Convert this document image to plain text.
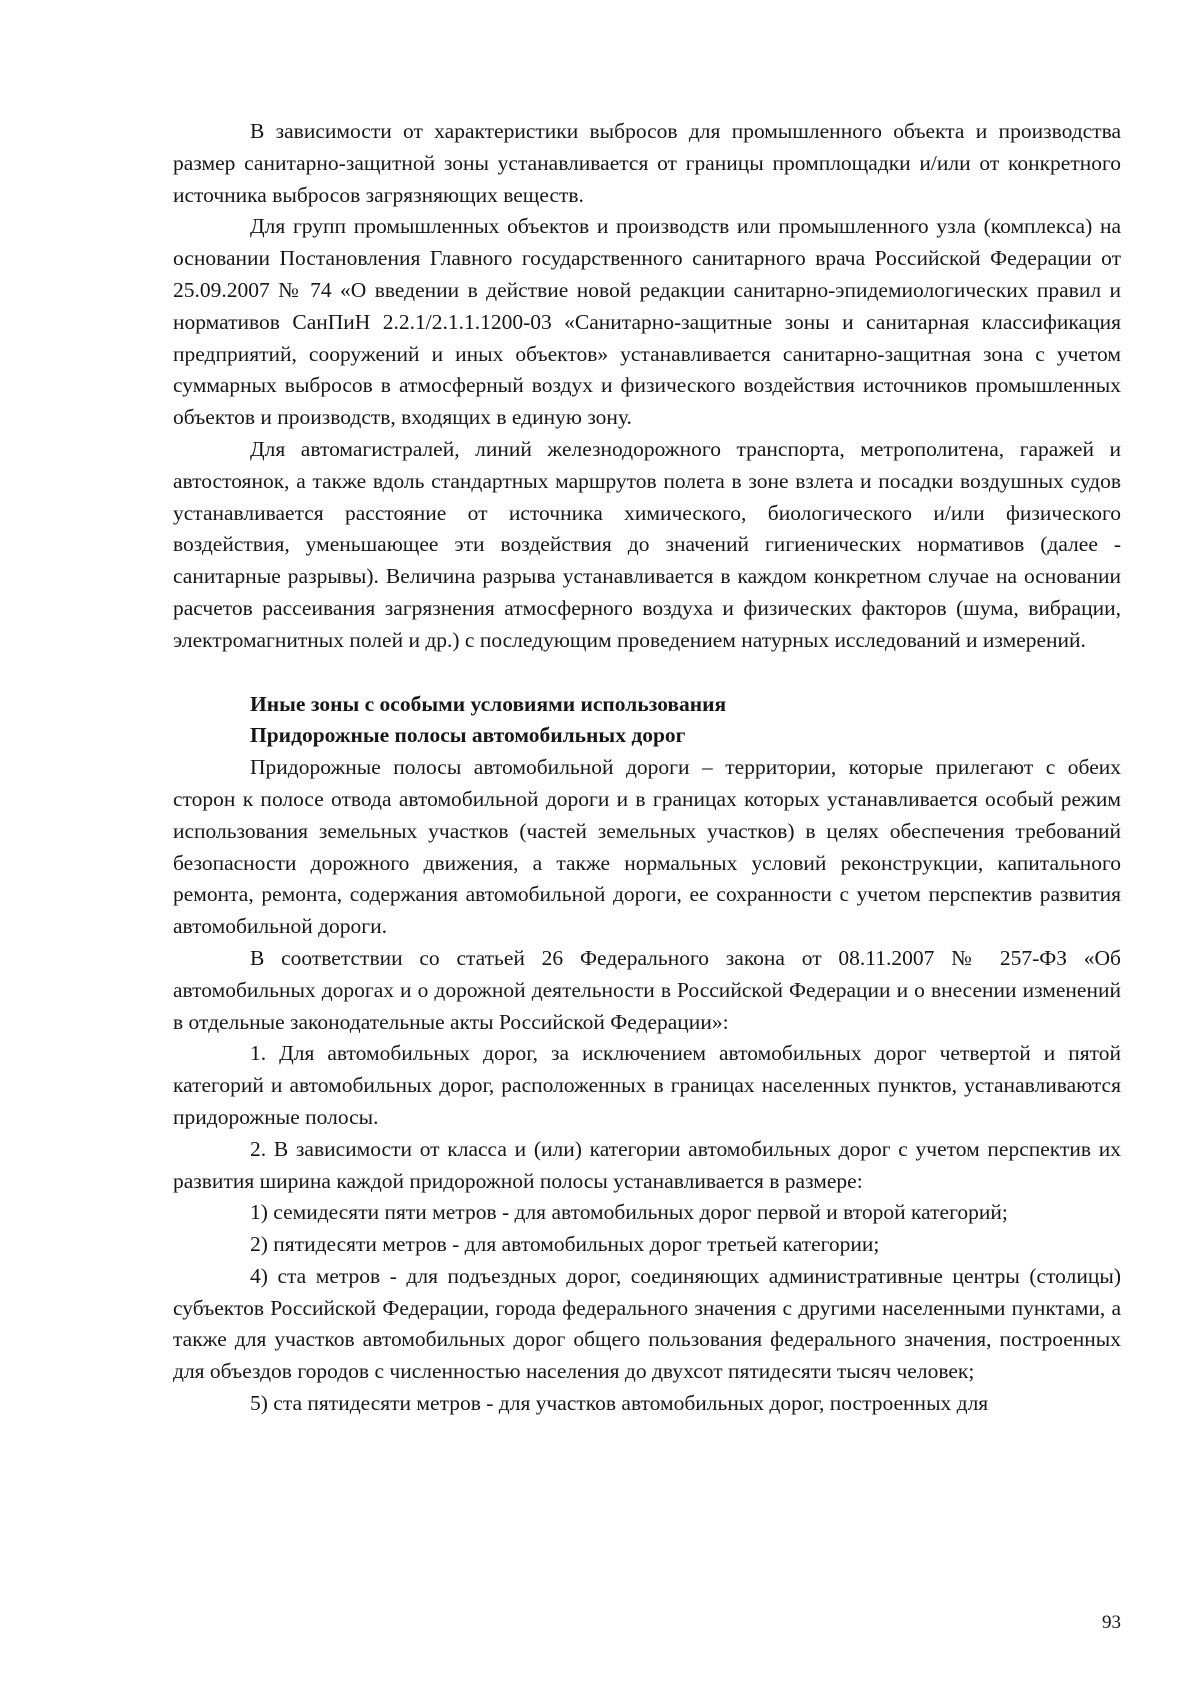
В зависимости от характеристики выбросов для промышленного объекта и производства размер санитарно-защитной зоны устанавливается от границы промплощадки и/или от конкретного источника выбросов загрязняющих веществ.

Для групп промышленных объектов и производств или промышленного узла (комплекса) на основании Постановления Главного государственного санитарного врача Российской Федерации от 25.09.2007 № 74 «О введении в действие новой редакции санитарно-эпидемиологических правил и нормативов СанПиН 2.2.1/2.1.1.1200-03 «Санитарно-защитные зоны и санитарная классификация предприятий, сооружений и иных объектов» устанавливается санитарно-защитная зона с учетом суммарных выбросов в атмосферный воздух и физического воздействия источников промышленных объектов и производств, входящих в единую зону.

Для автомагистралей, линий железнодорожного транспорта, метрополитена, гаражей и автостоянок, а также вдоль стандартных маршрутов полета в зоне взлета и посадки воздушных судов устанавливается расстояние от источника химического, биологического и/или физического воздействия, уменьшающее эти воздействия до значений гигиенических нормативов (далее - санитарные разрывы). Величина разрыва устанавливается в каждом конкретном случае на основании расчетов рассеивания загрязнения атмосферного воздуха и физических факторов (шума, вибрации, электромагнитных полей и др.) с последующим проведением натурных исследований и измерений.

Иные зоны с особыми условиями использования

Придорожные полосы автомобильных дорог

Придорожные полосы автомобильной дороги – территории, которые прилегают с обеих сторон к полосе отвода автомобильной дороги и в границах которых устанавливается особый режим использования земельных участков (частей земельных участков) в целях обеспечения требований безопасности дорожного движения, а также нормальных условий реконструкции, капитального ремонта, ремонта, содержания автомобильной дороги, ее сохранности с учетом перспектив развития автомобильной дороги.

В соответствии со статьей 26 Федерального закона от 08.11.2007 № 257-ФЗ «Об автомобильных дорогах и о дорожной деятельности в Российской Федерации и о внесении изменений в отдельные законодательные акты Российской Федерации»:

1. Для автомобильных дорог, за исключением автомобильных дорог четвертой и пятой категорий и автомобильных дорог, расположенных в границах населенных пунктов, устанавливаются придорожные полосы.

2. В зависимости от класса и (или) категории автомобильных дорог с учетом перспектив их развития ширина каждой придорожной полосы устанавливается в размере:

1) семидесяти пяти метров - для автомобильных дорог первой и второй категорий;

2) пятидесяти метров - для автомобильных дорог третьей категории;

4) ста метров - для подъездных дорог, соединяющих административные центры (столицы) субъектов Российской Федерации, города федерального значения с другими населенными пунктами, а также для участков автомобильных дорог общего пользования федерального значения, построенных для объездов городов с численностью населения до двухсот пятидесяти тысяч человек;

5) ста пятидесяти метров - для участков автомобильных дорог, построенных для

93
